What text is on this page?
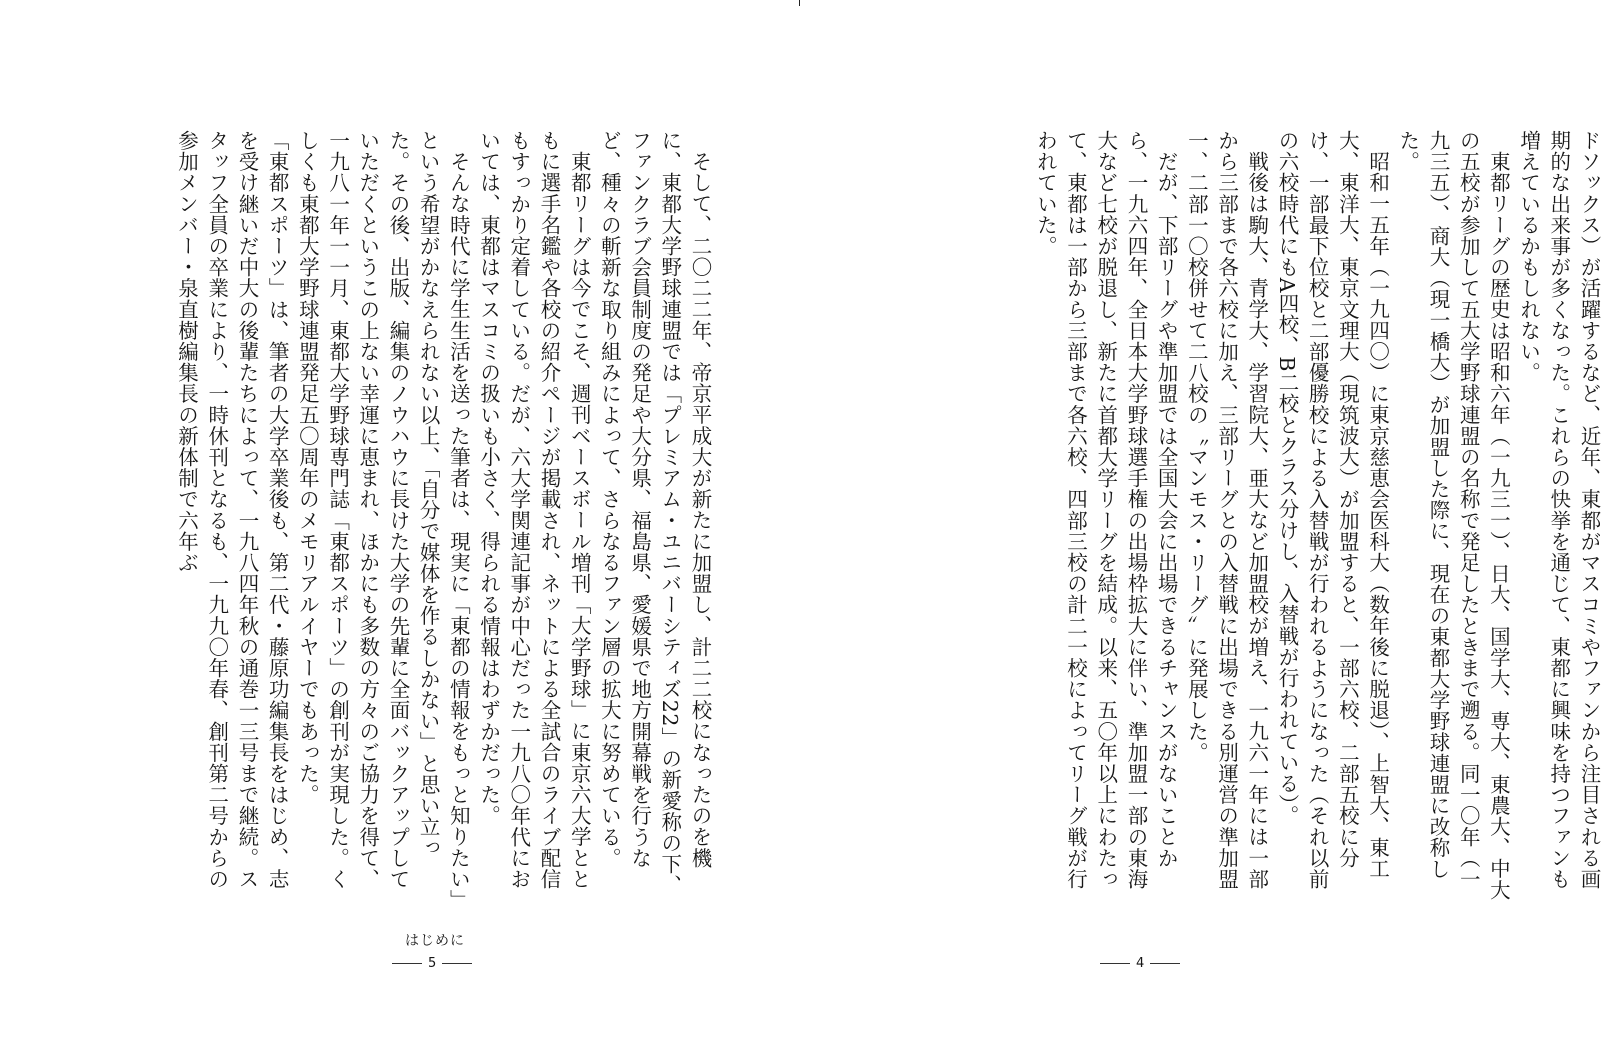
そして、二〇二二年、帝京平成大が新たに加盟し、計二二校になったのを機に、東都大学野球連盟では「プレミアム・ユニバーシティズ22」の新愛称の下、ファンクラブ会員制度の発足や大分県、福島県、愛媛県で地方開幕戦を行うなど、種々の斬新な取り組みによって、さらなるファン層の拡大に努めている。

東都リーグは今でこそ、週刊ベースボール増刊「大学野球」に東京六大学とともに選手名鑑や各校の紹介ページが掲載され、ネットによる全試合のライブ配信もすっかり定着している。だが、六大学関連記事が中心だった一九八〇年代においては、東都はマスコミの扱いも小さく、得られる情報はわずかだった。

そんな時代に学生生活を送った筆者は、現実に「東都の情報をもっと知りたい」という希望がかなえられない以上、「自分で媒体を作るしかない」と思い立った。その後、出版、編集のノウハウに長けた大学の先輩に全面バックアップしていただくというこの上ない幸運に恵まれ、ほかにも多数の方々のご協力を得て、一九八一年一一月、東都大学野球専門誌「東都スポーツ」の創刊が実現した。くしくも東都大学野球連盟発足五〇周年のメモリアルイヤーでもあった。

「東都スポーツ」は、筆者の大学卒業後も、第二代・藤原功編集長をはじめ、志を受け継いだ中大の後輩たちによって、一九八四年秋の通巻一三号まで継続。スタッフ全員の卒業により、一時休刊となるも、一九九〇年春、創刊第二号からの参加メンバー・泉直樹編集長の新体制で六年ぶ

はじめに
5

ドソックス）が活躍するなど、近年、東都がマスコミやファンから注目される画期的な出来事が多くなった。これらの快挙を通じて、東都に興味を持つファンも増えているかもしれない。

東都リーグの歴史は昭和六年（一九三一）、日大、国学大、専大、東農大、中大の五校が参加して五大学野球連盟の名称で発足したときまで遡る。同一〇年（一九三五）、商大（現一橋大）が加盟した際に、現在の東都大学野球連盟に改称した。

昭和一五年（一九四〇）に東京慈恵会医科大（数年後に脱退）、上智大、東工大、東洋大、東京文理大（現筑波大）が加盟すると、一部六校、二部五校に分け、一部最下位校と二部優勝校による入替戦が行われるようになった（それ以前の六校時代にもA四校、B二校とクラス分けし、入替戦が行われている）。

戦後は駒大、青学大、学習院大、亜大など加盟校が増え、一九六一年には一部から三部まで各六校に加え、三部リーグとの入替戦に出場できる別運営の準加盟一、二部一〇校併せて二八校の〝マンモス・リーグ〟に発展した。

だが、下部リーグや準加盟では全国大会に出場できるチャンスがないことから、一九六四年、全日本大学野球選手権の出場枠拡大に伴い、準加盟一部の東海大など七校が脱退し、新たに首都大学リーグを結成。以来、五〇年以上にわたって、東都は一部から三部まで各六校、四部三校の計二一校によってリーグ戦が行われていた。

4
